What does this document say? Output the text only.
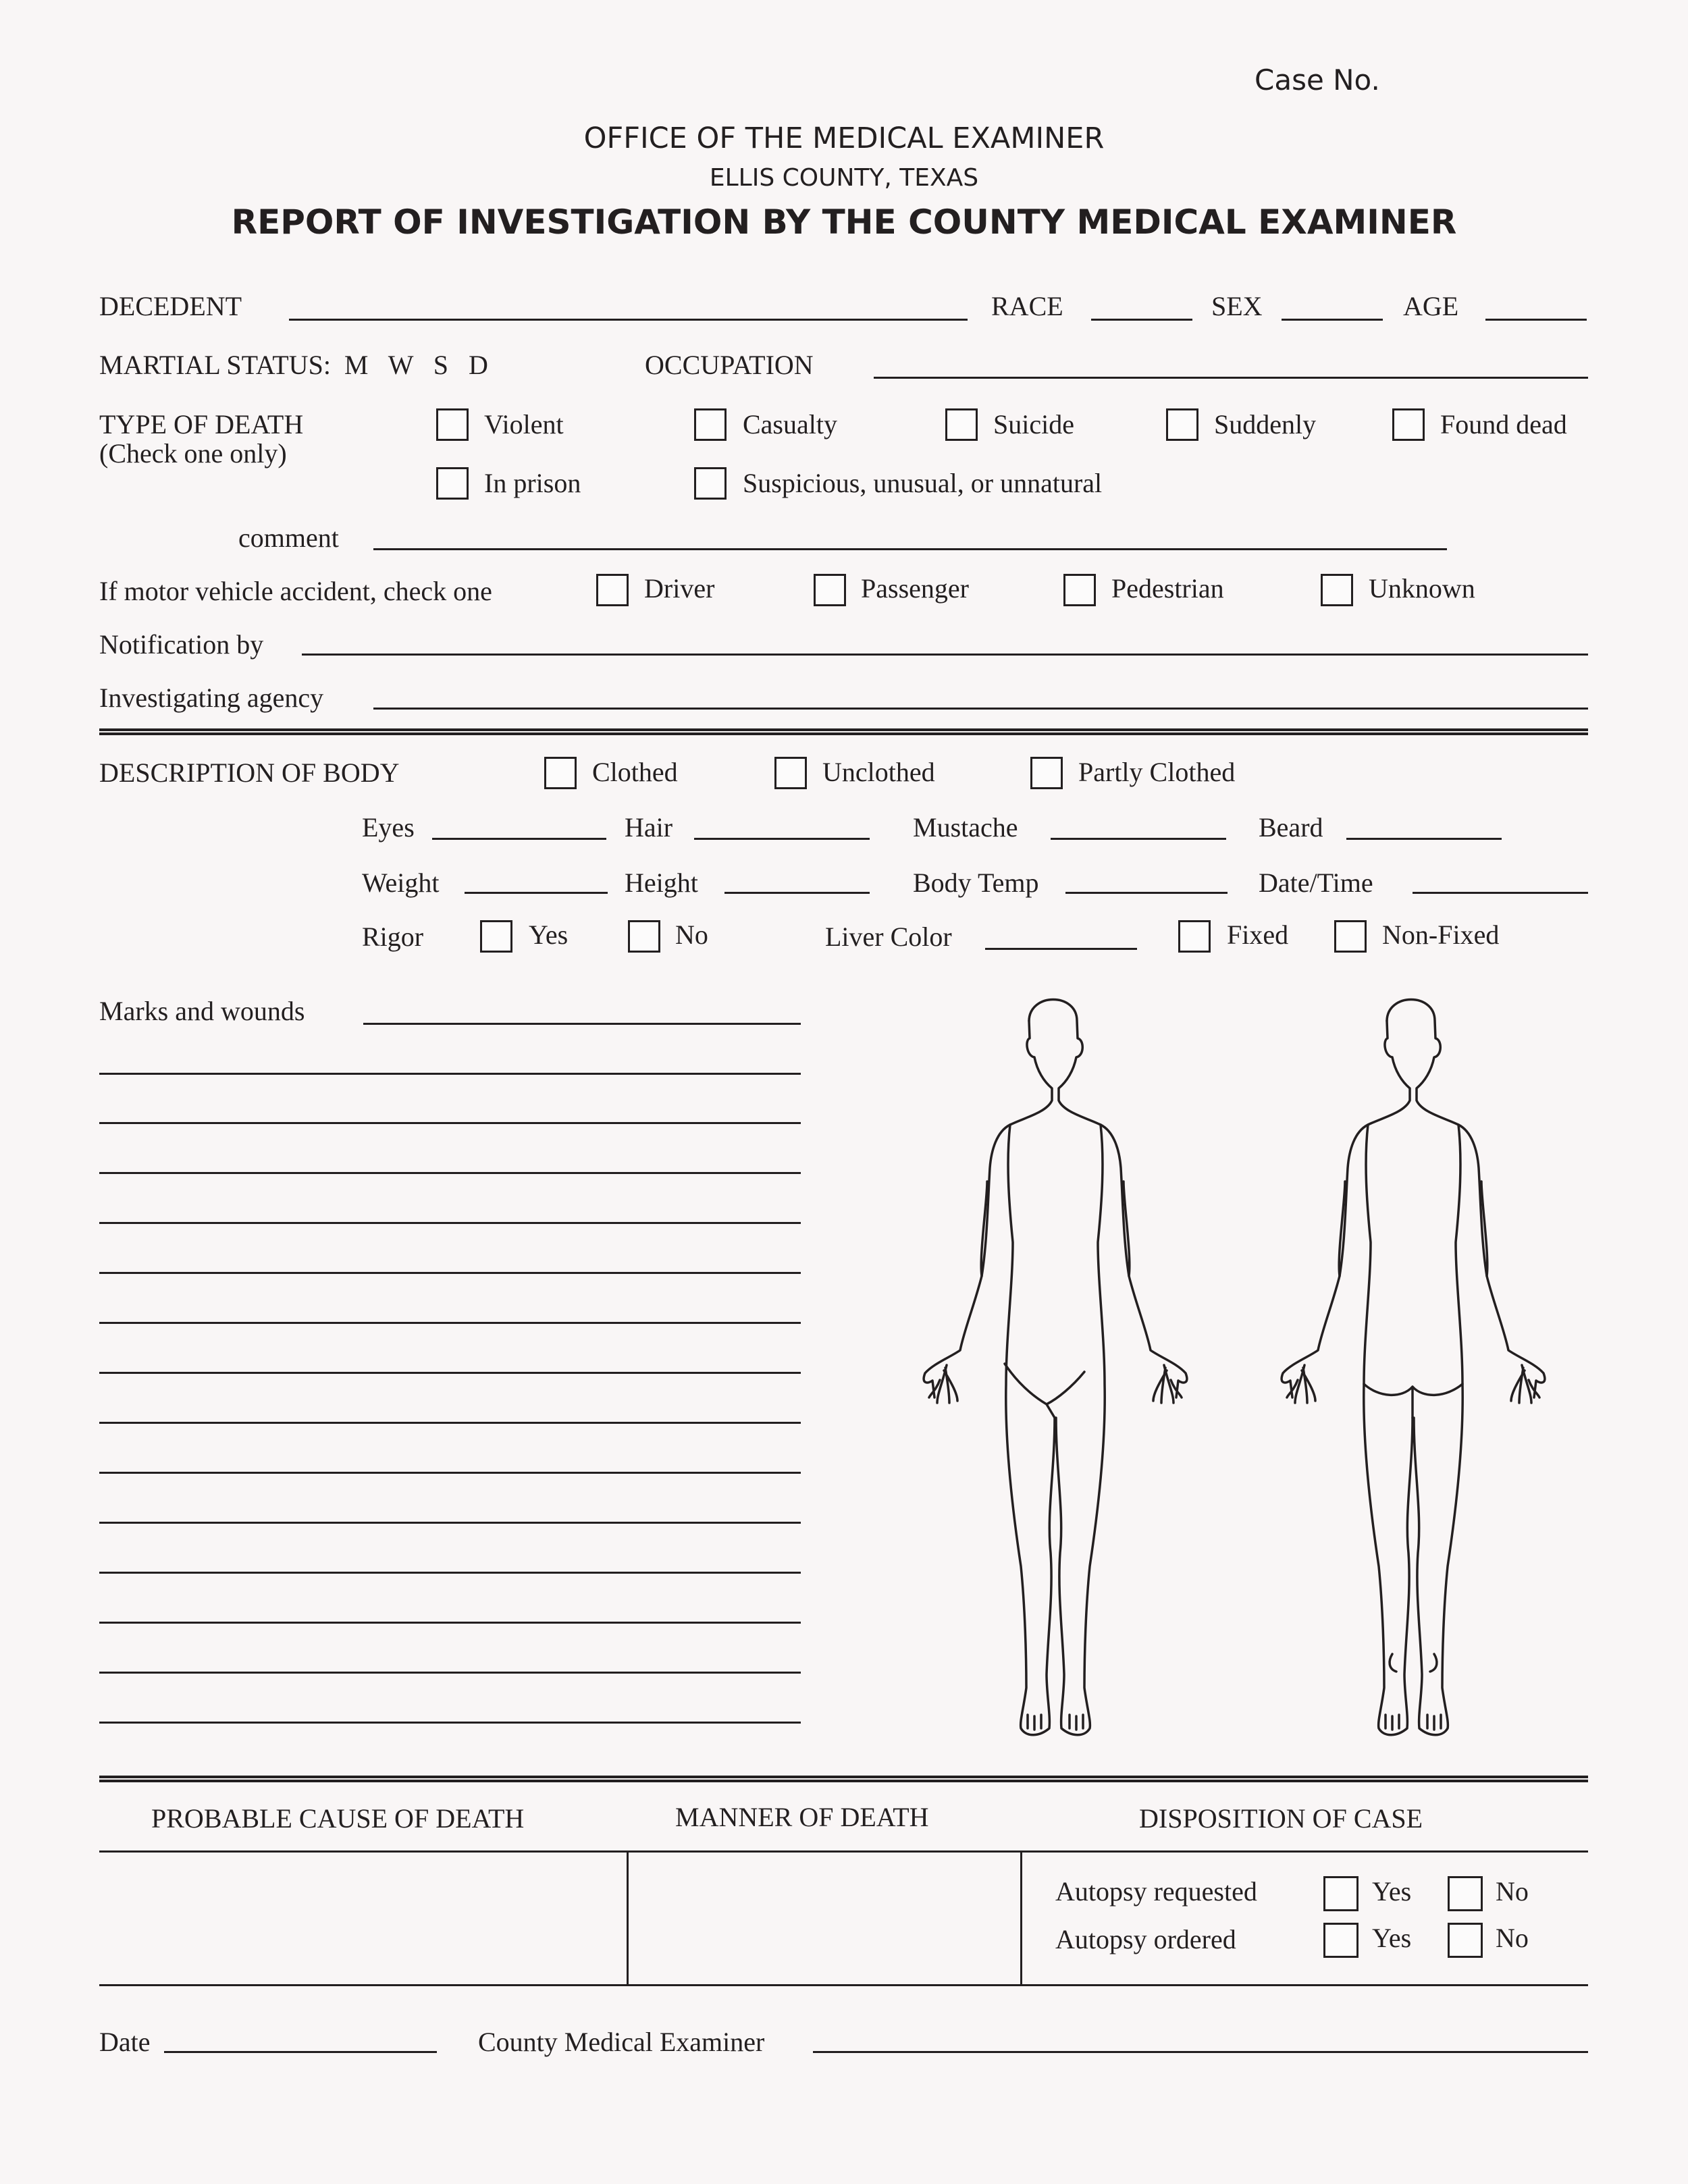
Case No.
OFFICE OF THE MEDICAL EXAMINER
ELLIS COUNTY, TEXAS
REPORT OF INVESTIGATION BY THE COUNTY MEDICAL EXAMINER
DECEDENT	RACE	SEX	AGE
MARTIAL STATUS:  M   W   S   D	OCCUPATION
TYPE OF DEATH
(Check one only)
Violent	Casualty	Suicide	Suddenly	Found dead
In prison	Suspicious, unusual, or unnatural
comment
If motor vehicle accident, check one	Driver	Passenger	Pedestrian	Unknown
Notification by
Investigating agency
DESCRIPTION OF BODY	Clothed	Unclothed	Partly Clothed
Eyes	Hair	Mustache	Beard
Weight	Height	Body Temp	Date/Time
Rigor	Yes	No	Liver Color	Fixed	Non-Fixed
Marks and wounds
PROBABLE CAUSE OF DEATH	MANNER OF DEATH	DISPOSITION OF CASE
Autopsy requested	Yes	No
Autopsy ordered	Yes	No
Date	County Medical Examiner
